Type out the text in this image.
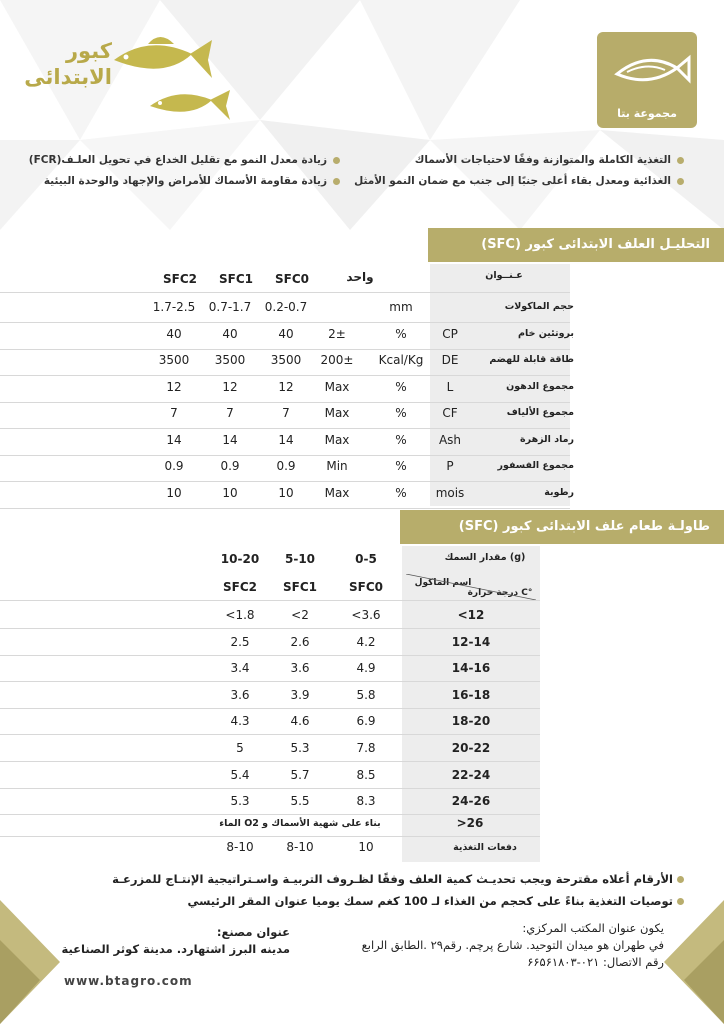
مجموعة بتا
كبور
الابتدائى
التغذية الكاملة والمتوازنة وفقًا لاحتياجات الأسماك
الغذائية ومعدل بقاء أعلى جنبًا إلى جنب مع ضمان النمو الأمثل
زيادة معدل النمو مع تقليل الخداع في تحويل العلـف(FCR)
زيادة مقاومة الأسماك للأمراض والإجهاد والوحدة البيئية
التحليـل العلف الابتدائى كبور (SFC)
عـنــوان
واحد
SFC0
SFC1
SFC2
حجم الماكولات
mm
0.2-0.7
0.7-1.7
1.7-2.5
بروتئين خام
CP
%
2±
40
40
40
طاقة قابلة للهضم
DE
Kcal/Kg
200±
3500
3500
3500
مجموع الدهون
L
%
Max
12
12
12
مجموع الألياف
CF
%
Max
7
7
7
رماد الزهرة
Ash
%
Max
14
14
14
مجموع الفسفور
P
%
Min
0.9
0.9
0.9
رطوبة
mois
%
Max
10
10
10
طاولـة طعام علف الابتدائى كبور (SFC)
مقدار السمك (g)
اسم الماكول
درجة حرارة C°
0-5
5-10
10-20
SFC0
SFC1
SFC2
<12
<3.6
<2
<1.8
12-14
4.2
2.6
2.5
14-16
4.9
3.6
3.4
16-18
5.8
3.9
3.6
18-20
6.9
4.6
4.3
20-22
7.8
5.3
5
22-24
8.5
5.7
5.4
24-26
8.3
5.5
5.3
>26
بناء على شهية الأسماك و O2 الماء
دفعات التغذية
10
8-10
8-10
الأرقام أعلاه مقترحة ويجب تحديـث كمية العلف وفقًا لظـروف التربيـة واسـتراتيجية الإنتـاج للمزرعـة
توصيات التغذية بناءً على كحجم من الغذاء لـ 100 كغم سمك يوميا عنوان المقر الرئيسي
يكون عنوان المكتب المركزي:
في طهران هو ميدان التوحيد. شارع پرچم. رقم۲۹ .الطابق الرابع
رقم الاتصال: ۰۲۱-۶۶۵۶۱۸۰۳
عنوان مصنع:
مدينه البرز اشتهارد. مدينة كوثر الصناعية
www.btagro.com
